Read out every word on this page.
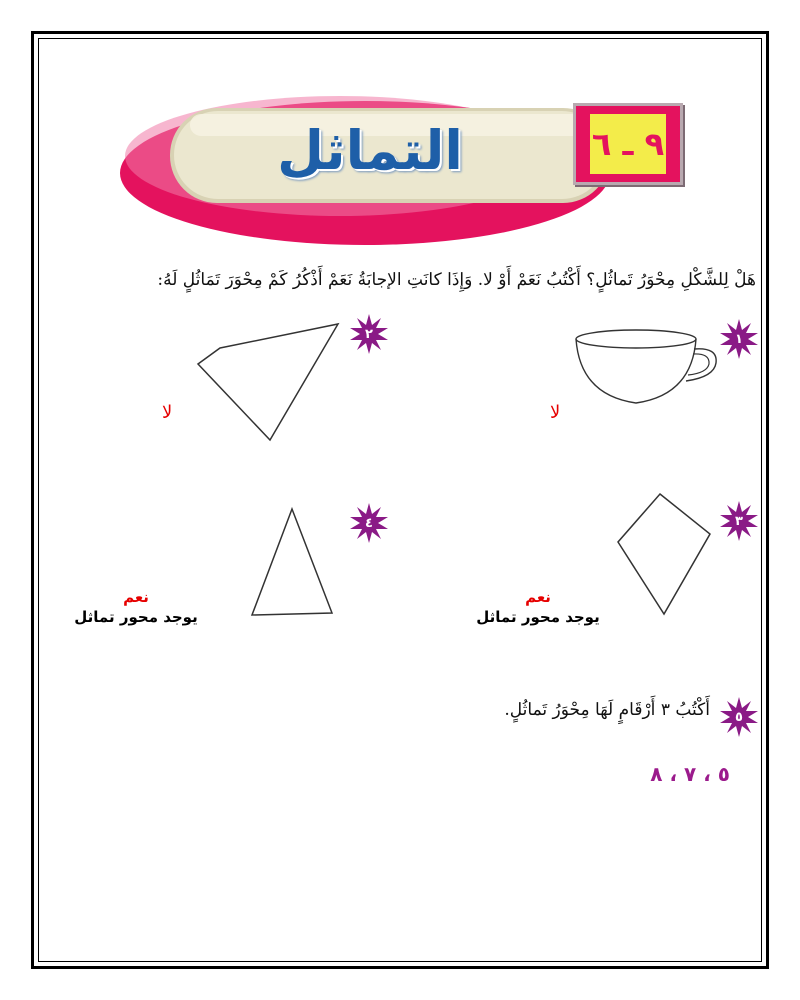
التماثل	٩ ـ ٦
هَلْ لِلشَّكْلِ مِحْوَرُ تَماثُلٍ؟ أَكْتُبُ نَعَمْ أَوْ لا. وَإِذَا كانَتِ الإجابَةُ نَعَمْ أَذْكُرُ كَمْ مِحْوَرَ تَمَاثُلٍ لَهُ:
١
لا
٢
لا
٣
نعم
يوجد محور تماثل
٤
نعم
يوجد محور تماثل
٥
أَكْتُبُ ٣ أَرْقَامٍ لَهَا مِحْوَرُ تَماثُلٍ.
٥ ، ٧ ، ٨
